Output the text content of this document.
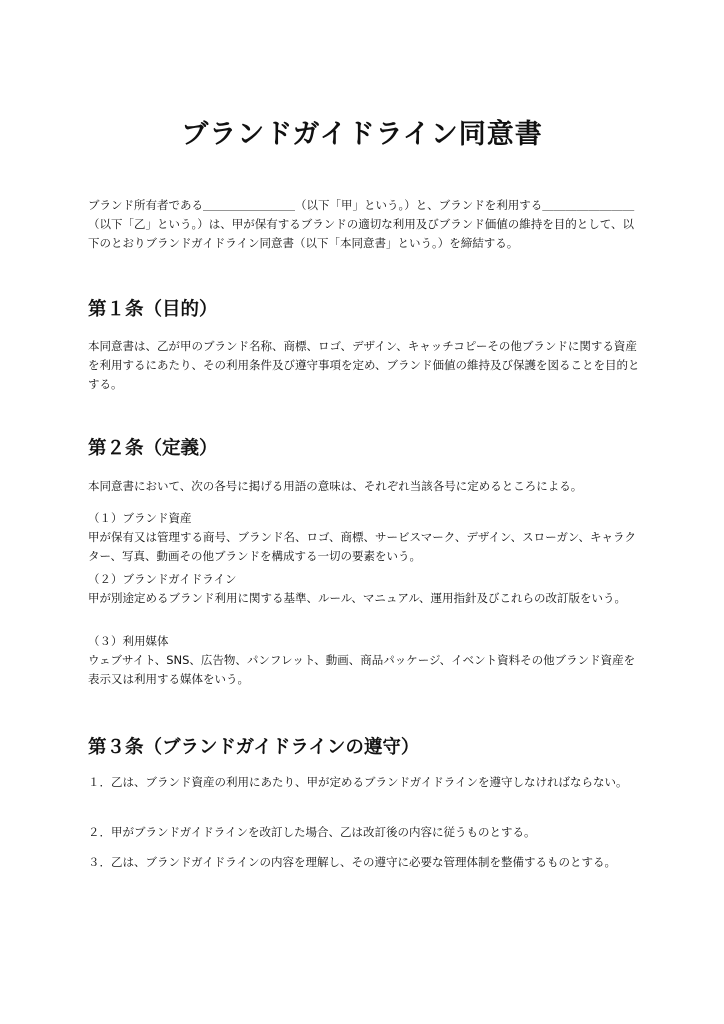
ブランドガイドライン同意書

ブランド所有者である＿＿＿＿＿＿＿＿（以下「甲」という。）と、ブランドを利用する＿＿＿＿＿＿＿＿（以下「乙」という。）は、甲が保有するブランドの適切な利用及びブランド価値の維持を目的として、以下のとおりブランドガイドライン同意書（以下「本同意書」という。）を締結する。

第１条（目的）

本同意書は、乙が甲のブランド名称、商標、ロゴ、デザイン、キャッチコピーその他ブランドに関する資産を利用するにあたり、その利用条件及び遵守事項を定め、ブランド価値の維持及び保護を図ることを目的とする。

第２条（定義）

本同意書において、次の各号に掲げる用語の意味は、それぞれ当該各号に定めるところによる。

（１）ブランド資産

甲が保有又は管理する商号、ブランド名、ロゴ、商標、サービスマーク、デザイン、スローガン、キャラクター、写真、動画その他ブランドを構成する一切の要素をいう。

（２）ブランドガイドライン

甲が別途定めるブランド利用に関する基準、ルール、マニュアル、運用指針及びこれらの改訂版をいう。

（３）利用媒体

ウェブサイト、SNS、広告物、パンフレット、動画、商品パッケージ、イベント資料その他ブランド資産を表示又は利用する媒体をいう。

第３条（ブランドガイドラインの遵守）

１．乙は、ブランド資産の利用にあたり、甲が定めるブランドガイドラインを遵守しなければならない。

２．甲がブランドガイドラインを改訂した場合、乙は改訂後の内容に従うものとする。

３．乙は、ブランドガイドラインの内容を理解し、その遵守に必要な管理体制を整備するものとする。
